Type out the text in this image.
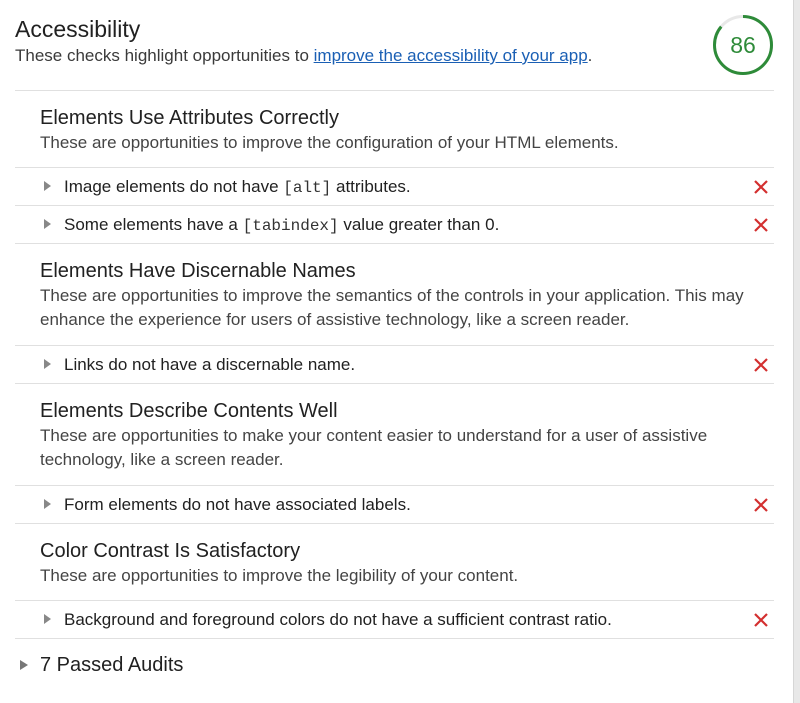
Accessibility
These checks highlight opportunities to improve the accessibility of your app.	86
Elements Use Attributes Correctly
These are opportunities to improve the configuration of your HTML elements.
Image elements do not have [alt] attributes.
Some elements have a [tabindex] value greater than 0.
Elements Have Discernable Names
These are opportunities to improve the semantics of the controls in your application. This may enhance the experience for users of assistive technology, like a screen reader.
Links do not have a discernable name.
Elements Describe Contents Well
These are opportunities to make your content easier to understand for a user of assistive technology, like a screen reader.
Form elements do not have associated labels.
Color Contrast Is Satisfactory
These are opportunities to improve the legibility of your content.
Background and foreground colors do not have a sufficient contrast ratio.
7 Passed Audits
